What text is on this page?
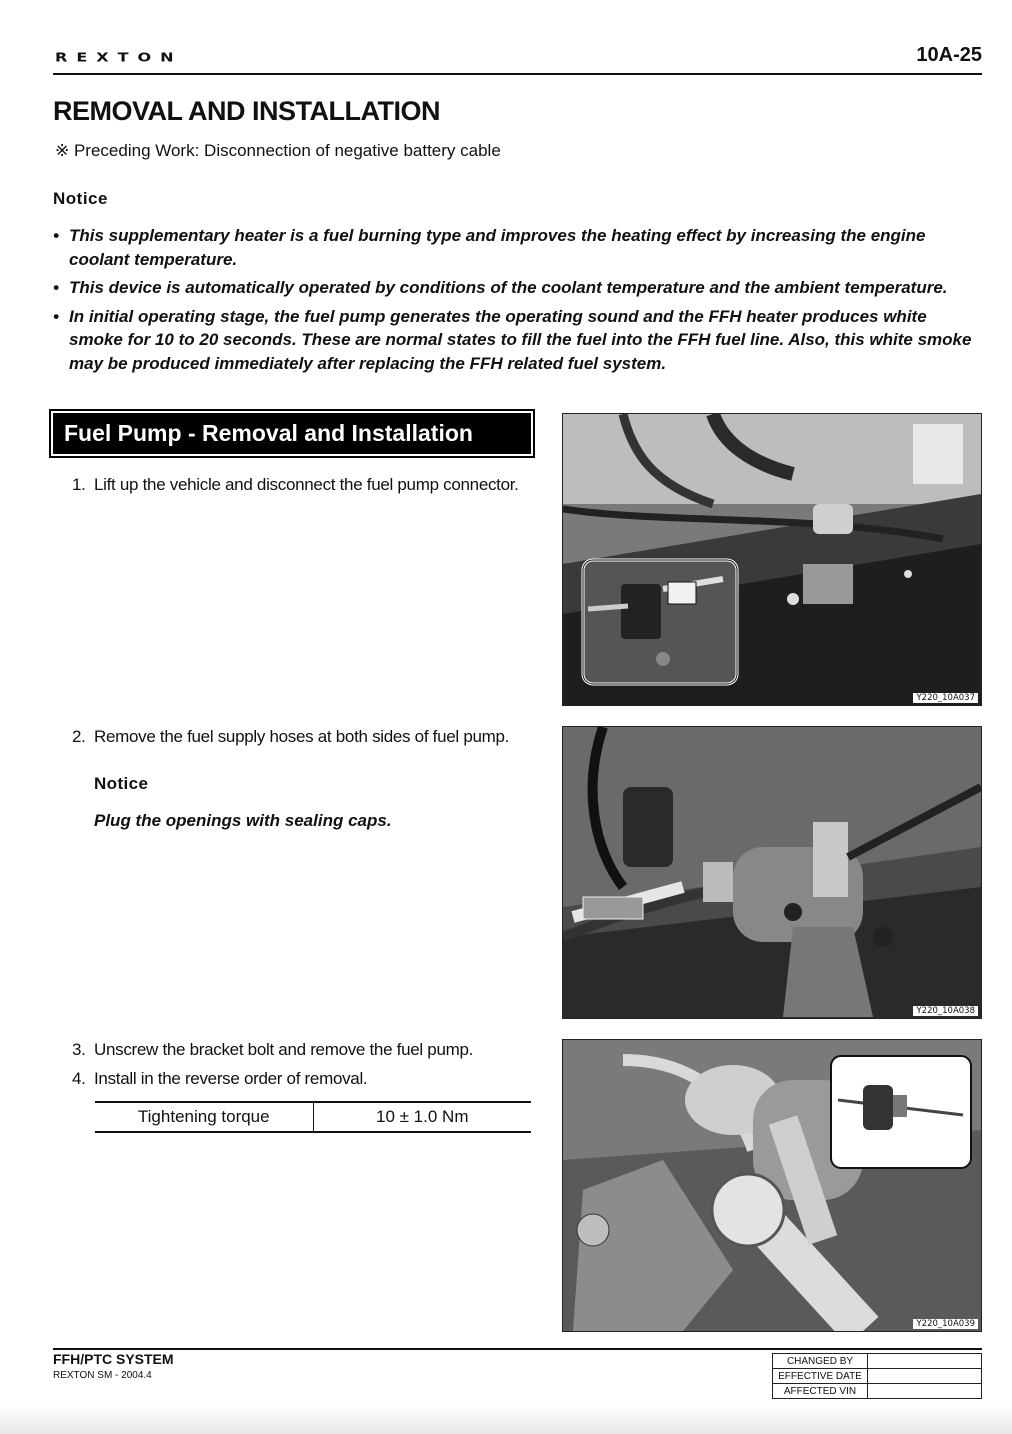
REXTON	10A-25
REMOVAL AND INSTALLATION
※ Preceding Work: Disconnection of negative battery cable
Notice
• This supplementary heater is a fuel burning type and improves the heating effect by increasing the engine coolant temperature.
• This device is automatically operated by conditions of the coolant temperature and the ambient temperature.
• In initial operating stage, the fuel pump generates the operating sound and the FFH heater produces white smoke for 10 to 20 seconds. These are normal states to fill the fuel into the FFH fuel line. Also, this white smoke may be produced immediately after replacing the FFH related fuel system.
Fuel Pump - Removal and Installation
1. Lift up the vehicle and disconnect the fuel pump connector.
2. Remove the fuel supply hoses at both sides of fuel pump.
Notice
Plug the openings with sealing caps.
3. Unscrew the bracket bolt and remove the fuel pump.
4. Install in the reverse order of removal.
Tightening torque	10 ± 1.0 Nm
Y220_10A037
Y220_10A038
Y220_10A039
FFH/PTC SYSTEM
REXTON SM - 2004.4
CHANGED BY	
EFFECTIVE DATE	
AFFECTED VIN	
